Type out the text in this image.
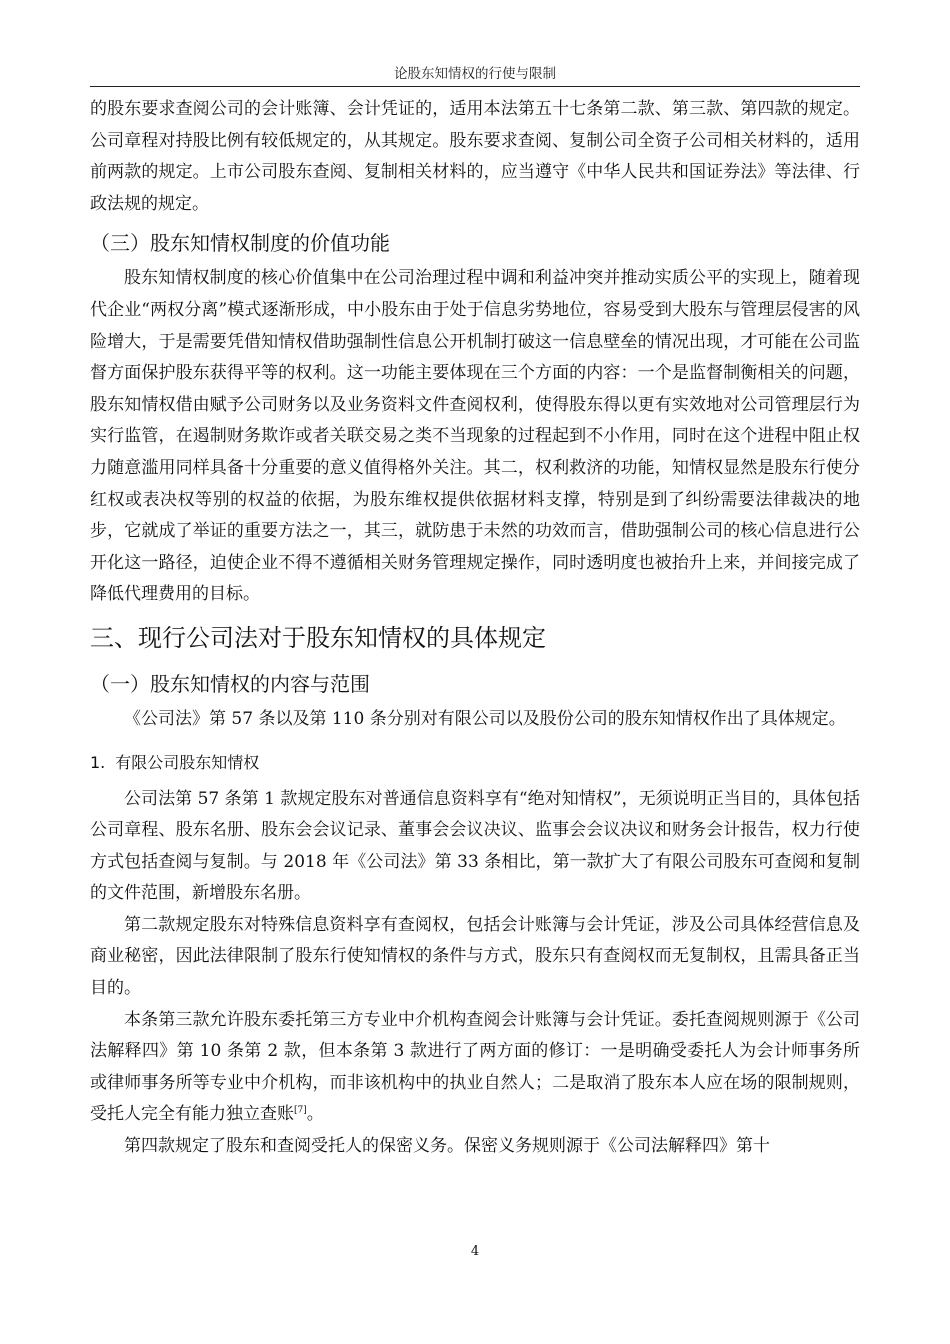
论股东知情权的行使与限制

的股东要求查阅公司的会计账簿、会计凭证的，适用本法第五十七条第二款、第三款、第四款的规定。公司章程对持股比例有较低规定的，从其规定。股东要求查阅、复制公司全资子公司相关材料的，适用前两款的规定。上市公司股东查阅、复制相关材料的，应当遵守《中华人民共和国证券法》等法律、行政法规的规定。

（三）股东知情权制度的价值功能

股东知情权制度的核心价值集中在公司治理过程中调和利益冲突并推动实质公平的实现上，随着现代企业“两权分离”模式逐渐形成，中小股东由于处于信息劣势地位，容易受到大股东与管理层侵害的风险增大，于是需要凭借知情权借助强制性信息公开机制打破这一信息壁垒的情况出现，才可能在公司监督方面保护股东获得平等的权利。这一功能主要体现在三个方面的内容：一个是监督制衡相关的问题，股东知情权借由赋予公司财务以及业务资料文件查阅权利，使得股东得以更有实效地对公司管理层行为实行监管，在遏制财务欺诈或者关联交易之类不当现象的过程起到不小作用，同时在这个进程中阻止权力随意滥用同样具备十分重要的意义值得格外关注。其二，权利救济的功能，知情权显然是股东行使分红权或表决权等别的权益的依据，为股东维权提供依据材料支撑，特别是到了纠纷需要法律裁决的地步，它就成了举证的重要方法之一，其三，就防患于未然的功效而言，借助强制公司的核心信息进行公开化这一路径，迫使企业不得不遵循相关财务管理规定操作，同时透明度也被抬升上来，并间接完成了降低代理费用的目标。

三、现行公司法对于股东知情权的具体规定
（一）股东知情权的内容与范围

《公司法》第 57 条以及第 110 条分别对有限公司以及股份公司的股东知情权作出了具体规定。

1. 有限公司股东知情权

公司法第 57 条第 1 款规定股东对普通信息资料享有“绝对知情权”，无须说明正当目的，具体包括公司章程、股东名册、股东会会议记录、董事会会议决议、监事会会议决议和财务会计报告，权力行使方式包括查阅与复制。与 2018 年《公司法》第 33 条相比，第一款扩大了有限公司股东可查阅和复制的文件范围，新增股东名册。

第二款规定股东对特殊信息资料享有查阅权，包括会计账簿与会计凭证，涉及公司具体经营信息及商业秘密，因此法律限制了股东行使知情权的条件与方式，股东只有查阅权而无复制权，且需具备正当目的。

本条第三款允许股东委托第三方专业中介机构查阅会计账簿与会计凭证。委托查阅规则源于《公司法解释四》第 10 条第 2 款，但本条第 3 款进行了两方面的修订：一是明确受委托人为会计师事务所或律师事务所等专业中介机构，而非该机构中的执业自然人；二是取消了股东本人应在场的限制规则，受托人完全有能力独立查账[7]。

第四款规定了股东和查阅受托人的保密义务。保密义务规则源于《公司法解释四》第十

4
